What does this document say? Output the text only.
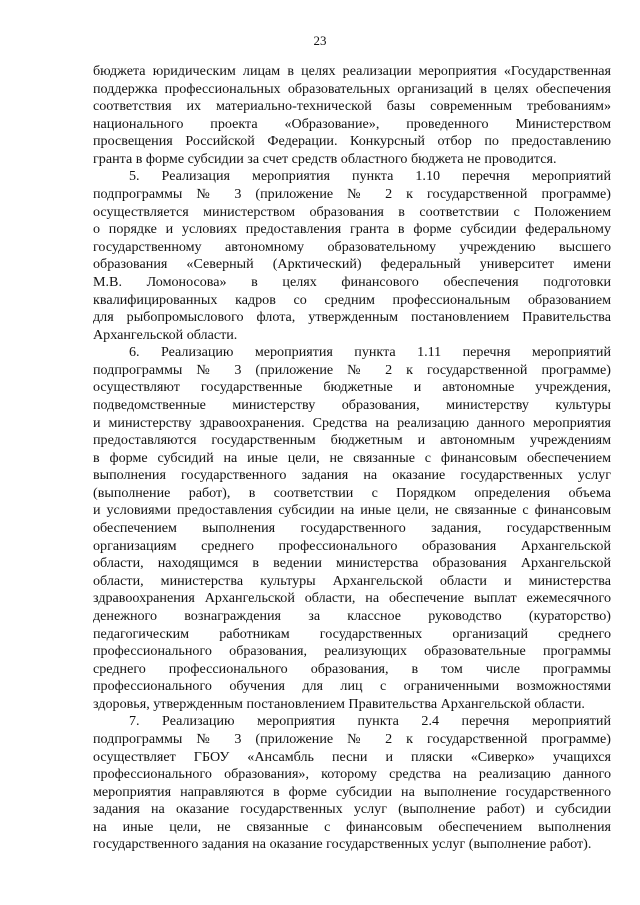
23
бюджета юридическим лицам в целях реализации мероприятия «Государственная
поддержка профессиональных образовательных организаций в целях обеспечения
соответствия их материально-технической базы современным требованиям»
национального проекта «Образование», проведенного Министерством
просвещения Российской Федерации. Конкурсный отбор по предоставлению
гранта в форме субсидии за счет средств областного бюджета не проводится.
5. Реализация мероприятия пункта 1.10 перечня мероприятий
подпрограммы № 3 (приложение № 2 к государственной программе)
осуществляется министерством образования в соответствии с Положением
о порядке и условиях предоставления гранта в форме субсидии федеральному
государственному автономному образовательному учреждению высшего
образования «Северный (Арктический) федеральный университет имени
М.В. Ломоносова» в целях финансового обеспечения подготовки
квалифицированных кадров со средним профессиональным образованием
для рыбопромыслового флота, утвержденным постановлением Правительства
Архангельской области.
6. Реализацию мероприятия пункта 1.11 перечня мероприятий
подпрограммы № 3 (приложение № 2 к государственной программе)
осуществляют государственные бюджетные и автономные учреждения,
подведомственные министерству образования, министерству культуры
и министерству здравоохранения. Средства на реализацию данного мероприятия
предоставляются государственным бюджетным и автономным учреждениям
в форме субсидий на иные цели, не связанные с финансовым обеспечением
выполнения государственного задания на оказание государственных услуг
(выполнение работ), в соответствии с Порядком определения объема
и условиями предоставления субсидии на иные цели, не связанные с финансовым
обеспечением выполнения государственного задания, государственным
организациям среднего профессионального образования Архангельской
области, находящимся в ведении министерства образования Архангельской
области, министерства культуры Архангельской области и министерства
здравоохранения Архангельской области, на обеспечение выплат ежемесячного
денежного вознаграждения за классное руководство (кураторство)
педагогическим работникам государственных организаций среднего
профессионального образования, реализующих образовательные программы
среднего профессионального образования, в том числе программы
профессионального обучения для лиц с ограниченными возможностями
здоровья, утвержденным постановлением Правительства Архангельской области.
7. Реализацию мероприятия пункта 2.4 перечня мероприятий
подпрограммы № 3 (приложение № 2 к государственной программе)
осуществляет ГБОУ «Ансамбль песни и пляски «Сиверко» учащихся
профессионального образования», которому средства на реализацию данного
мероприятия направляются в форме субсидии на выполнение государственного
задания на оказание государственных услуг (выполнение работ) и субсидии
на иные цели, не связанные с финансовым обеспечением выполнения
государственного задания на оказание государственных услуг (выполнение работ).
